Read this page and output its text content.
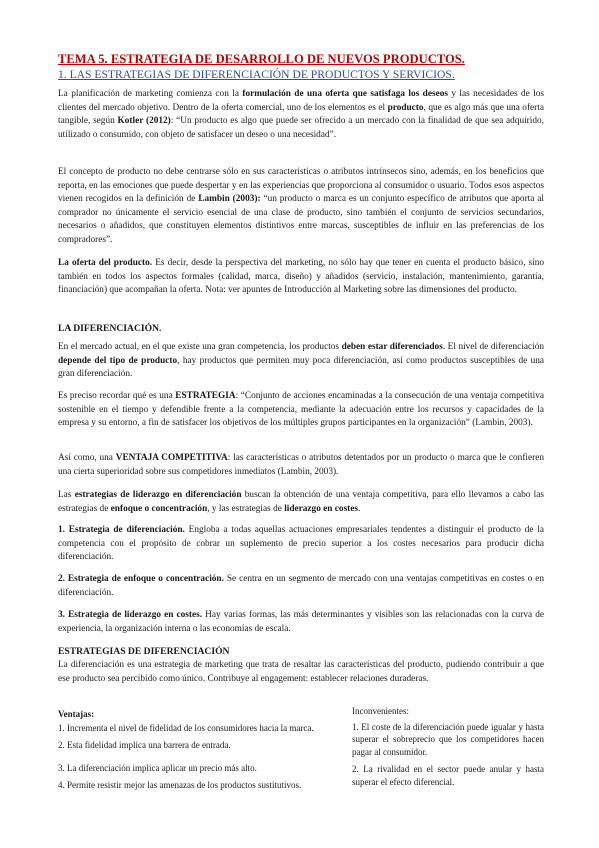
TEMA 5. ESTRATEGIA DE DESARROLLO DE NUEVOS PRODUCTOS.
1. LAS ESTRATEGIAS DE DIFERENCIACIÓN DE PRODUCTOS Y SERVICIOS.
La planificación de marketing comienza con la formulación de una oferta que satisfaga los deseos y las necesidades de los clientes del mercado objetivo. Dentro de la oferta comercial, uno de los elementos es el producto, que es algo más que una oferta tangible, según Kotler (2012): “Un producto es algo que puede ser ofrecido a un mercado con la finalidad de que sea adquirido, utilizado o consumido, con objeto de satisfacer un deseo o una necesidad”.
El concepto de producto no debe centrarse sólo en sus características o atributos intrínsecos sino, además, en los beneficios que reporta, en las emociones que puede despertar y en las experiencias que proporciona al consumidor o usuario. Todos esos aspectos vienen recogidos en la definición de Lambin (2003): “un producto o marca es un conjunto específico de atributos que aporta al comprador no únicamente el servicio esencial de una clase de producto, sino también el conjunto de servicios secundarios, necesarios o añadidos, que constituyen elementos distintivos entre marcas, susceptibles de influir en las preferencias de los compradores”.
La oferta del producto. Es decir, desde la perspectiva del marketing, no sólo hay que tener en cuenta el producto básico, sino también en todos los aspectos formales (calidad, marca, diseño) y añadidos (servicio, instalación, mantenimiento, garantía, financiación) que acompañan la oferta. Nota: ver apuntes de Introducción al Marketing sobre las dimensiones del producto.
LA DIFERENCIACIÓN.
En el mercado actual, en el que existe una gran competencia, los productos deben estar diferenciados. El nivel de diferenciación depende del tipo de producto, hay productos que permiten muy poca diferenciación, así como productos susceptibles de una gran diferenciación.
Es preciso recordar qué es una ESTRATEGIA: “Conjunto de acciones encaminadas a la consecución de una ventaja competitiva sostenible en el tiempo y defendible frente a la competencia, mediante la adecuación entre los recursos y capacidades de la empresa y su entorno, a fin de satisfacer los objetivos de los múltiples grupos participantes en la organización” (Lambin, 2003).
Así como, una VENTAJA COMPETITIVA: las características o atributos detentados por un producto o marca que le confieren una cierta superioridad sobre sus competidores inmediatos (Lambin, 2003).
Las estrategias de liderazgo en diferenciación buscan la obtención de una ventaja competitiva, para ello llevamos a cabo las estrategias de enfoque o concentración, y las estrategias de liderazgo en costes.
1. Estrategia de diferenciación. Engloba a todas aquellas actuaciones empresariales tendentes a distinguir el producto de la competencia con el propósito de cobrar un suplemento de precio superior a los costes necesarios para producir dicha diferenciación.
2. Estrategia de enfoque o concentración. Se centra en un segmento de mercado con una ventajas competitivas en costes o en diferenciación.
3. Estrategia de liderazgo en costes. Hay varias formas, las más determinantes y visibles son las relacionadas con la curva de experiencia, la organización interna o las economías de escala.
ESTRATEGIAS DE DIFERENCIACIÓN
La diferenciación es una estrategia de marketing que trata de resaltar las características del producto, pudiendo contribuir a que ese producto sea percibido como único. Contribuye al engagement: establecer relaciones duraderas.
Ventajas:
1. Incrementa el nivel de fidelidad de los consumidores hacia la marca.
2. Esta fidelidad implica una barrera de entrada.
3. La diferenciación implica aplicar un precio más alto.
4. Permite resistir mejor las amenazas de los productos sustitutivos.
Inconvenientes:
1. El coste de la diferenciación puede igualar y hasta superar el sobreprecio que los competidores hacen pagar al consumidor.
2. La rivalidad en el sector puede anular y hasta superar el efecto diferencial.
